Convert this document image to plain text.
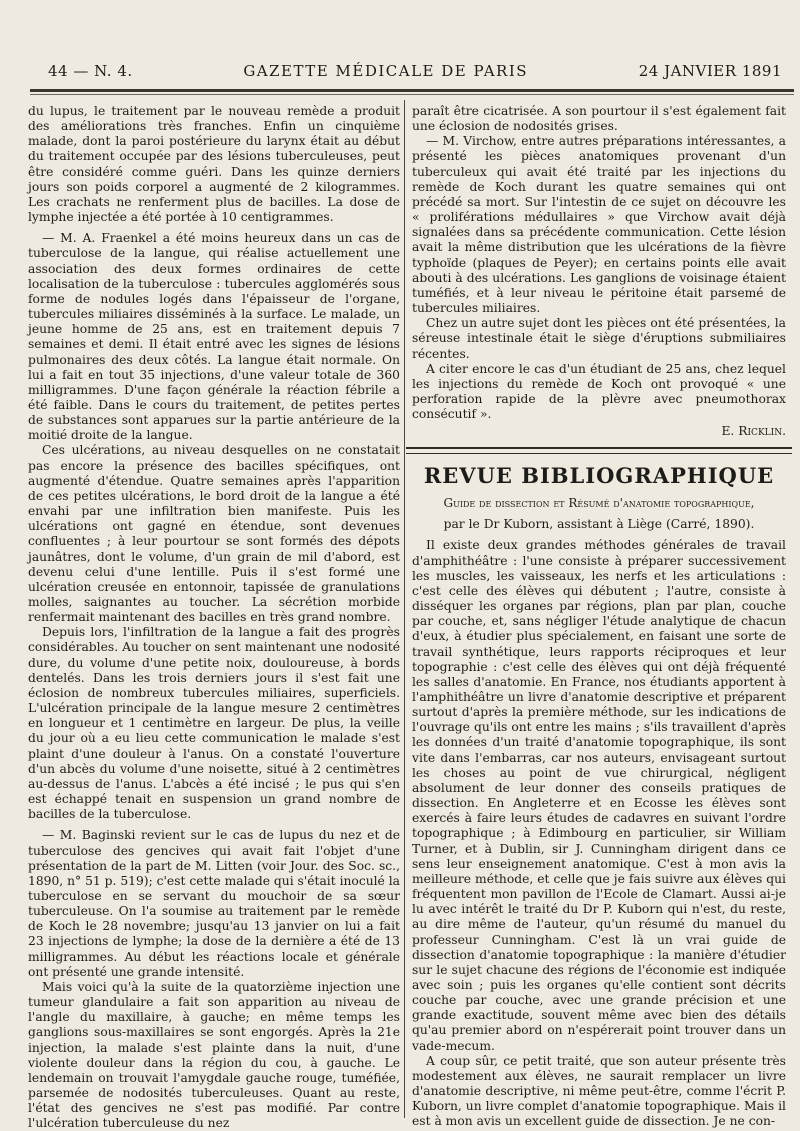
44 — N. 4.	GAZETTE MÉDICALE DE PARIS	24 JANVIER 1891

du lupus, le traitement par le nouveau remède a produit des améliorations très franches. Enfin un cinquième malade, dont la paroi postérieure du larynx était au début du traitement occupée par des lésions tuberculeuses, peut être considéré comme guéri. Dans les quinze derniers jours son poids corporel a augmenté de 2 kilogrammes. Les crachats ne renferment plus de bacilles. La dose de lymphe injectée a été portée à 10 centigrammes.

— M. A. Fraenkel a été moins heureux dans un cas de tuberculose de la langue, qui réalise actuellement une association des deux formes ordinaires de cette localisation de la tuberculose : tubercules agglomérés sous forme de nodules logés dans l'épaisseur de l'organe, tubercules miliaires disséminés à la surface. Le malade, un jeune homme de 25 ans, est en traitement depuis 7 semaines et demi. Il était entré avec les signes de lésions pulmonaires des deux côtés. La langue était normale. On lui a fait en tout 35 injections, d'une valeur totale de 360 milligrammes. D'une façon générale la réaction fébrile a été faible. Dans le cours du traitement, de petites pertes de substances sont apparues sur la partie antérieure de la moitié droite de la langue.

Ces ulcérations, au niveau desquelles on ne constatait pas encore la présence des bacilles spécifiques, ont augmenté d'étendue. Quatre semaines après l'apparition de ces petites ulcérations, le bord droit de la langue a été envahi par une infiltration bien manifeste. Puis les ulcérations ont gagné en étendue, sont devenues confluentes ; à leur pourtour se sont formés des dépots jaunâtres, dont le volume, d'un grain de mil d'abord, est devenu celui d'une lentille. Puis il s'est formé une ulcération creusée en entonnoir, tapissée de granulations molles, saignantes au toucher. La sécrétion morbide renfermait maintenant des bacilles en très grand nombre.

Depuis lors, l'infiltration de la langue a fait des progrès considérables. Au toucher on sent maintenant une nodosité dure, du volume d'une petite noix, douloureuse, à bords dentelés. Dans les trois derniers jours il s'est fait une éclosion de nombreux tubercules miliaires, superficiels. L'ulcération principale de la langue mesure 2 centimètres en longueur et 1 centimètre en largeur. De plus, la veille du jour où a eu lieu cette communication le malade s'est plaint d'une douleur à l'anus. On a constaté l'ouverture d'un abcès du volume d'une noisette, situé à 2 centimètres au-dessus de l'anus. L'abcès a été incisé ; le pus qui s'en est échappé tenait en suspension un grand nombre de bacilles de la tuberculose.

— M. Baginski revient sur le cas de lupus du nez et de tuberculose des gencives qui avait fait l'objet d'une présentation de la part de M. Litten (voir Jour. des Soc. sc., 1890, n° 51 p. 519); c'est cette malade qui s'était inoculé la tuberculose en se servant du mouchoir de sa sœur tuberculeuse. On l'a soumise au traitement par le remède de Koch le 28 novembre; jusqu'au 13 janvier on lui a fait 23 injections de lymphe; la dose de la dernière a été de 13 milligrammes. Au début les réactions locale et générale ont présenté une grande intensité.

Mais voici qu'à la suite de la quatorzième injection une tumeur glandulaire a fait son apparition au niveau de l'angle du maxillaire, à gauche; en même temps les ganglions sous-maxillaires se sont engorgés. Après la 21e injection, la malade s'est plainte dans la nuit, d'une violente douleur dans la région du cou, à gauche. Le lendemain on trouvait l'amygdale gauche rouge, tuméfiée, parsemée de nodosités tuberculeuses. Quant au reste, l'état des gencives ne s'est pas modifié. Par contre l'ulcération tuberculeuse du nez

paraît être cicatrisée. A son pourtour il s'est également fait une éclosion de nodosités grises.

— M. Virchow, entre autres préparations intéressantes, a présenté les pièces anatomiques provenant d'un tuberculeux qui avait été traité par les injections du remède de Koch durant les quatre semaines qui ont précédé sa mort. Sur l'intestin de ce sujet on découvre les « proliférations médullaires » que Virchow avait déjà signalées dans sa précédente communication. Cette lésion avait la même distribution que les ulcérations de la fièvre typhoïde (plaques de Peyer); en certains points elle avait abouti à des ulcérations. Les ganglions de voisinage étaient tuméfiés, et à leur niveau le péritoine était parsemé de tubercules miliaires.

Chez un autre sujet dont les pièces ont été présentées, la séreuse intestinale était le siège d'éruptions submiliaires récentes.

A citer encore le cas d'un étudiant de 25 ans, chez lequel les injections du remède de Koch ont provoqué « une perforation rapide de la plèvre avec pneumothorax consécutif ».

E. Ricklin.

REVUE BIBLIOGRAPHIQUE
Guide de dissection et Résumé d'anatomie topographique,
par le Dr Kuborn, assistant à Liège (Carré, 1890).

Il existe deux grandes méthodes générales de travail d'amphithéâtre : l'une consiste à préparer successivement les muscles, les vaisseaux, les nerfs et les articulations : c'est celle des élèves qui débutent ; l'autre, consiste à disséquer les organes par régions, plan par plan, couche par couche, et, sans négliger l'étude analytique de chacun d'eux, à étudier plus spécialement, en faisant une sorte de travail synthétique, leurs rapports réciproques et leur topographie : c'est celle des élèves qui ont déjà fréquenté les salles d'anatomie. En France, nos étudiants apportent à l'amphithéâtre un livre d'anatomie descriptive et préparent surtout d'après la première méthode, sur les indications de l'ouvrage qu'ils ont entre les mains ; s'ils travaillent d'après les données d'un traité d'anatomie topographique, ils sont vite dans l'embarras, car nos auteurs, envisageant surtout les choses au point de vue chirurgical, négligent absolument de leur donner des conseils pratiques de dissection. En Angleterre et en Ecosse les élèves sont exercés à faire leurs études de cadavres en suivant l'ordre topographique ; à Edimbourg en particulier, sir William Turner, et à Dublin, sir J. Cunningham dirigent dans ce sens leur enseignement anatomique. C'est à mon avis la meilleure méthode, et celle que je fais suivre aux élèves qui fréquentent mon pavillon de l'Ecole de Clamart. Aussi ai-je lu avec intérêt le traité du Dr P. Kuborn qui n'est, du reste, au dire même de l'auteur, qu'un résumé du manuel du professeur Cunningham. C'est là un vrai guide de dissection d'anatomie topographique : la manière d'étudier sur le sujet chacune des régions de l'économie est indiquée avec soin ; puis les organes qu'elle contient sont décrits couche par couche, avec une grande précision et une grande exactitude, souvent même avec bien des détails qu'au premier abord on n'espérerait point trouver dans un vade-mecum.

A coup sûr, ce petit traité, que son auteur présente très modestement aux élèves, ne saurait remplacer un livre d'anatomie descriptive, ni même peut-être, comme l'écrit P. Kuborn, un livre complet d'anatomie topographique. Mais il est à mon avis un excellent guide de dissection. Je ne con-
